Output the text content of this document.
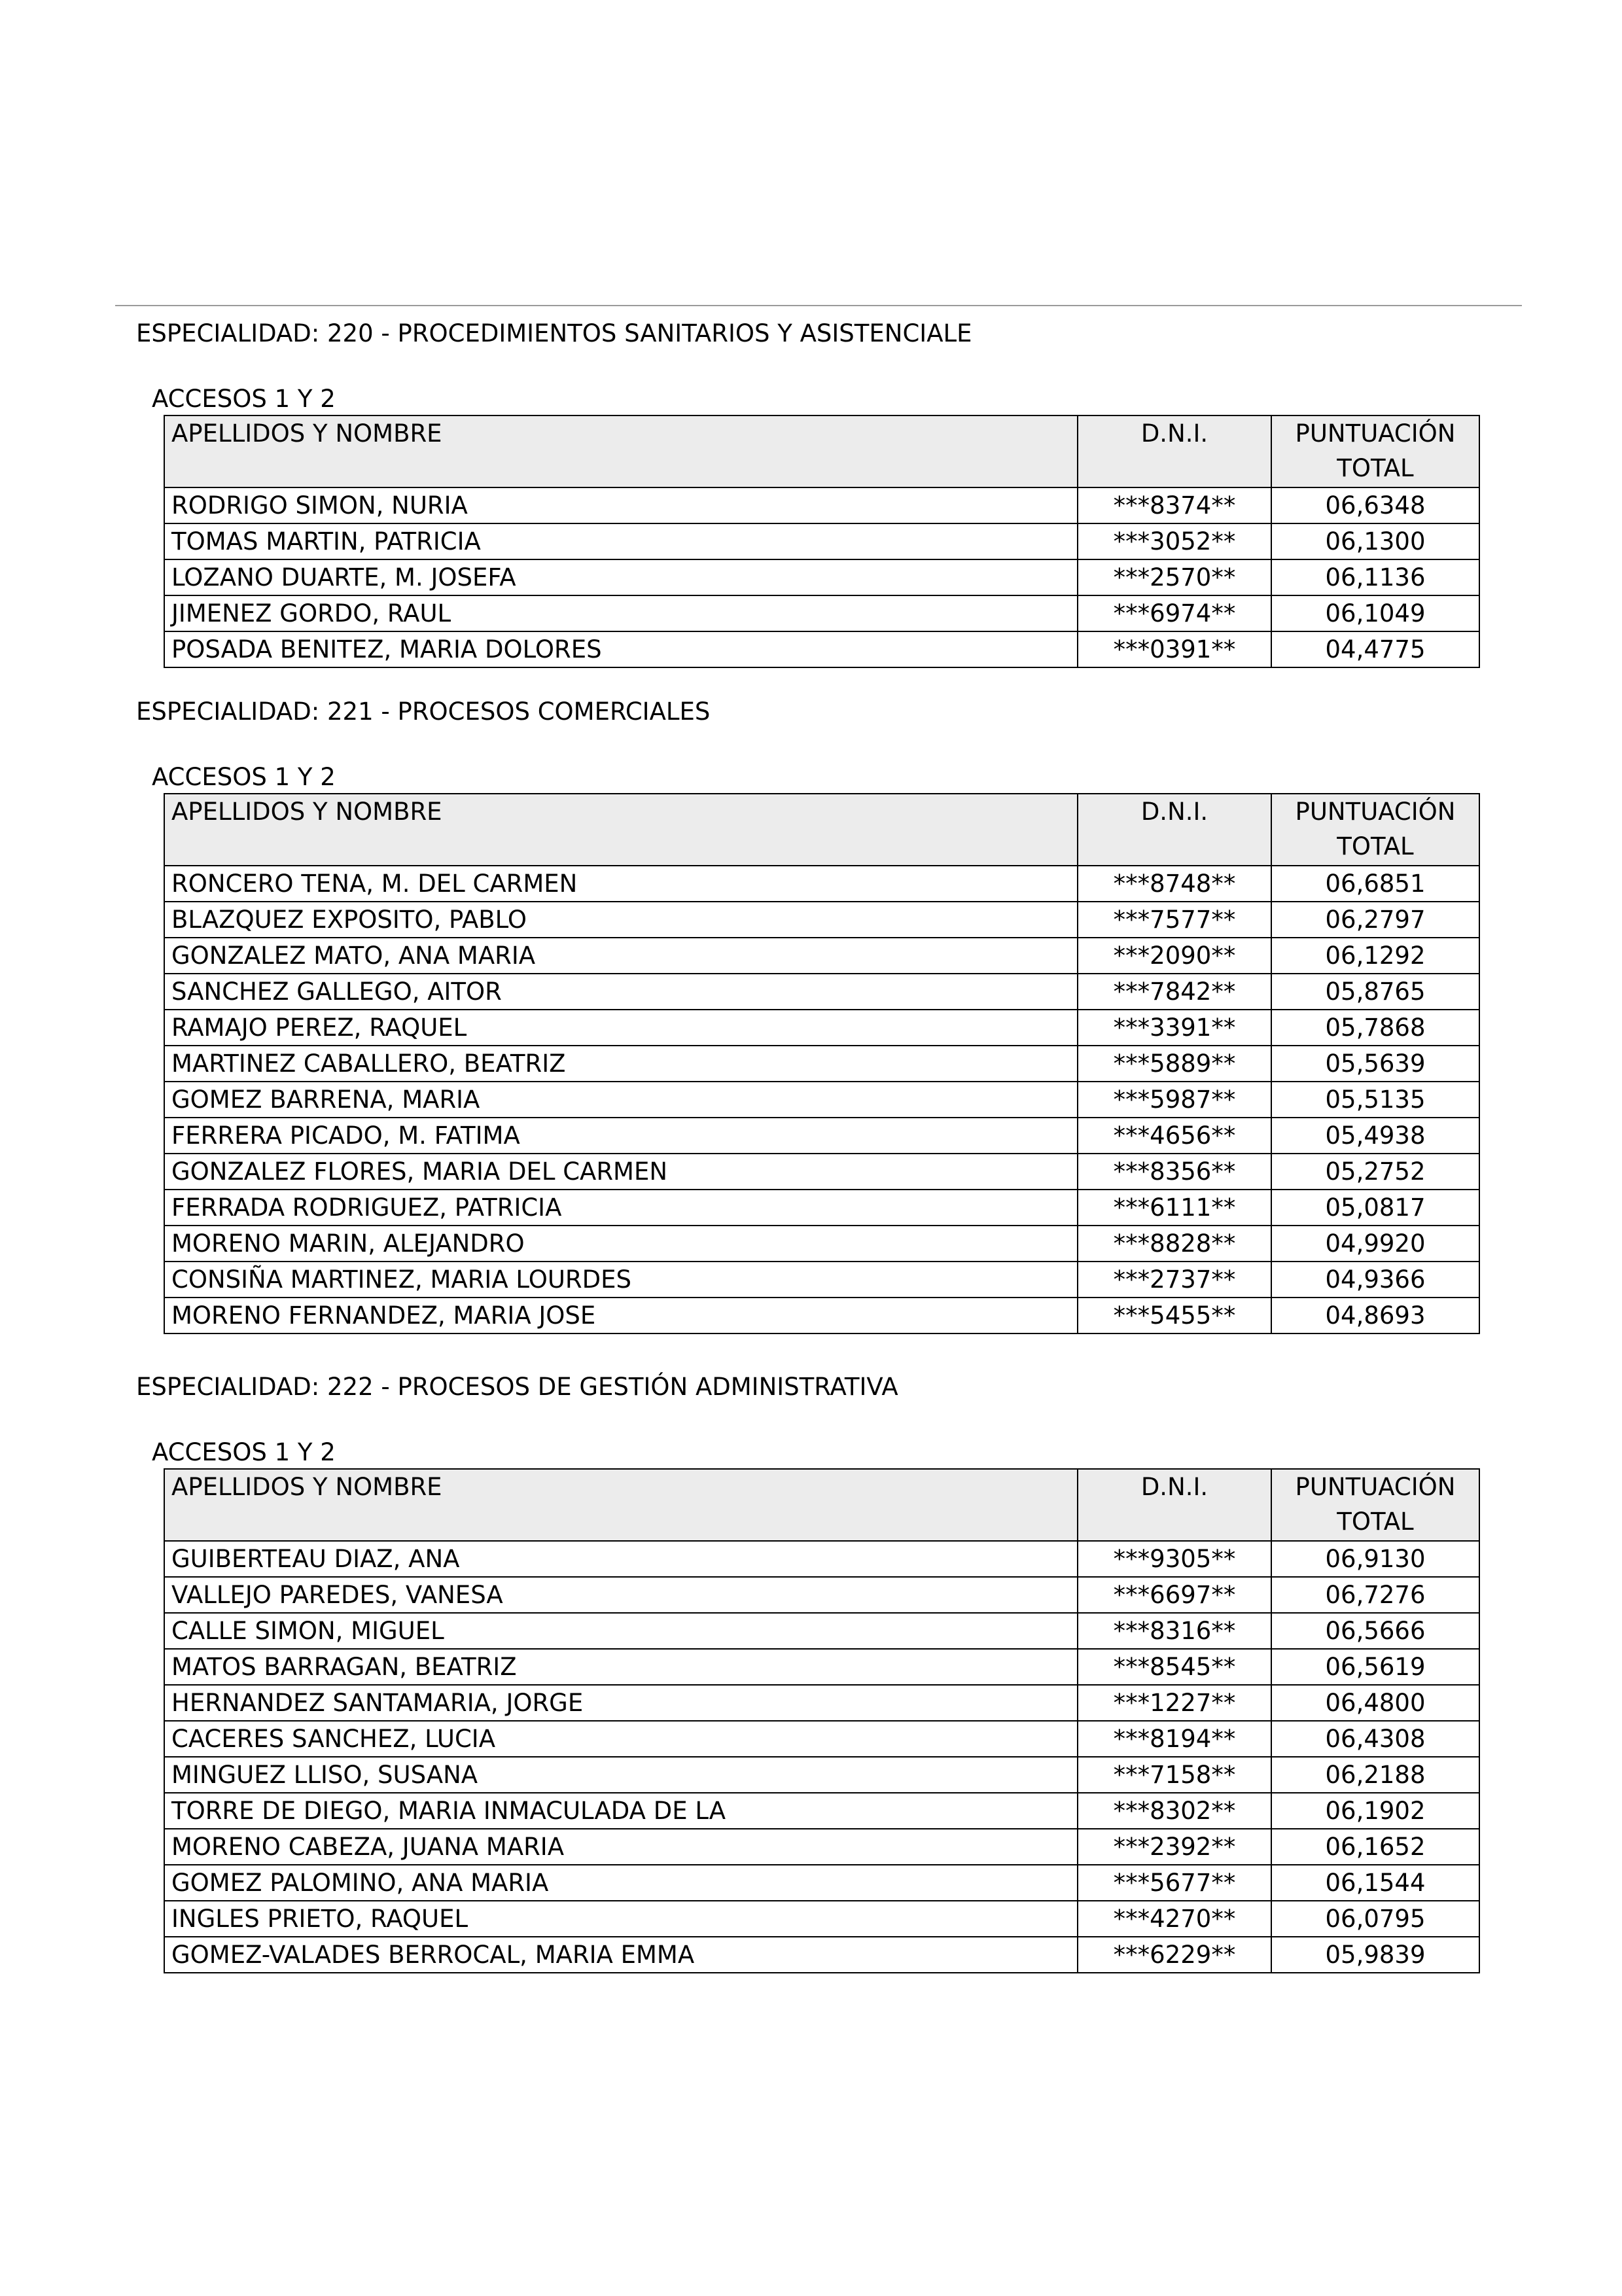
ESPECIALIDAD: 220 - PROCEDIMIENTOS SANITARIOS Y ASISTENCIALE
ACCESOS 1 Y 2
APELLIDOS Y NOMBRE	D.N.I.	PUNTUACIÓN
TOTAL

RODRIGO SIMON, NURIA	***8374**	06,6348
TOMAS MARTIN, PATRICIA	***3052**	06,1300
LOZANO DUARTE, M. JOSEFA	***2570**	06,1136
JIMENEZ GORDO, RAUL	***6974**	06,1049
POSADA BENITEZ, MARIA DOLORES	***0391**	04,4775
ESPECIALIDAD: 221 - PROCESOS COMERCIALES
ACCESOS 1 Y 2
APELLIDOS Y NOMBRE	D.N.I.	PUNTUACIÓN
TOTAL

RONCERO TENA, M. DEL CARMEN	***8748**	06,6851
BLAZQUEZ EXPOSITO, PABLO	***7577**	06,2797
GONZALEZ MATO, ANA MARIA	***2090**	06,1292
SANCHEZ GALLEGO, AITOR	***7842**	05,8765
RAMAJO PEREZ, RAQUEL	***3391**	05,7868
MARTINEZ CABALLERO, BEATRIZ	***5889**	05,5639
GOMEZ BARRENA, MARIA	***5987**	05,5135
FERRERA PICADO, M. FATIMA	***4656**	05,4938
GONZALEZ FLORES, MARIA DEL CARMEN	***8356**	05,2752
FERRADA RODRIGUEZ, PATRICIA	***6111**	05,0817
MORENO MARIN, ALEJANDRO	***8828**	04,9920
CONSIÑA MARTINEZ, MARIA LOURDES	***2737**	04,9366
MORENO FERNANDEZ, MARIA JOSE	***5455**	04,8693
ESPECIALIDAD: 222 - PROCESOS DE GESTIÓN ADMINISTRATIVA
ACCESOS 1 Y 2
APELLIDOS Y NOMBRE	D.N.I.	PUNTUACIÓN
TOTAL

GUIBERTEAU DIAZ, ANA	***9305**	06,9130
VALLEJO PAREDES, VANESA	***6697**	06,7276
CALLE SIMON, MIGUEL	***8316**	06,5666
MATOS BARRAGAN, BEATRIZ	***8545**	06,5619
HERNANDEZ SANTAMARIA, JORGE	***1227**	06,4800
CACERES SANCHEZ, LUCIA	***8194**	06,4308
MINGUEZ LLISO, SUSANA	***7158**	06,2188
TORRE DE DIEGO, MARIA INMACULADA DE LA	***8302**	06,1902
MORENO CABEZA, JUANA MARIA	***2392**	06,1652
GOMEZ PALOMINO, ANA MARIA	***5677**	06,1544
INGLES PRIETO, RAQUEL	***4270**	06,0795
GOMEZ-VALADES BERROCAL, MARIA EMMA	***6229**	05,9839
